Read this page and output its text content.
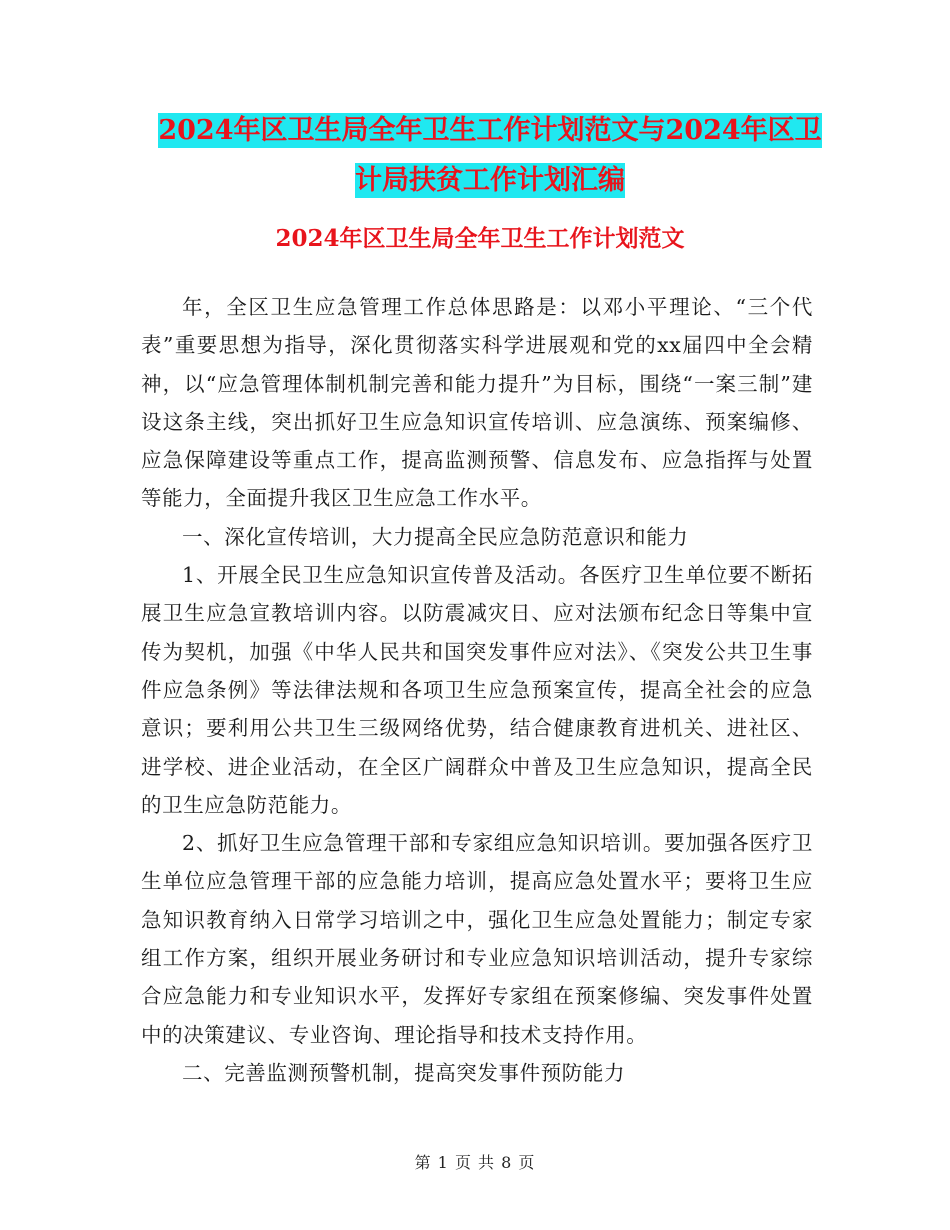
2024年区卫生局全年卫生工作计划范文与2024年区卫
计局扶贫工作计划汇编
2024年区卫生局全年卫生工作计划范文

年，全区卫生应急管理工作总体思路是：以邓小平理论、“三个代表”重要思想为指导，深化贯彻落实科学进展观和党的xx届四中全会精神，以“应急管理体制机制完善和能力提升”为目标，围绕“一案三制”建设这条主线，突出抓好卫生应急知识宣传培训、应急演练、预案编修、应急保障建设等重点工作，提高监测预警、信息发布、应急指挥与处置等能力，全面提升我区卫生应急工作水平。

一、深化宣传培训，大力提高全民应急防范意识和能力

1、开展全民卫生应急知识宣传普及活动。各医疗卫生单位要不断拓展卫生应急宣教培训内容。以防震减灾日、应对法颁布纪念日等集中宣传为契机，加强《中华人民共和国突发事件应对法》、《突发公共卫生事件应急条例》等法律法规和各项卫生应急预案宣传，提高全社会的应急意识；要利用公共卫生三级网络优势，结合健康教育进机关、进社区、进学校、进企业活动，在全区广阔群众中普及卫生应急知识，提高全民的卫生应急防范能力。

2、抓好卫生应急管理干部和专家组应急知识培训。要加强各医疗卫生单位应急管理干部的应急能力培训，提高应急处置水平；要将卫生应急知识教育纳入日常学习培训之中，强化卫生应急处置能力；制定专家组工作方案，组织开展业务研讨和专业应急知识培训活动，提升专家综合应急能力和专业知识水平，发挥好专家组在预案修编、突发事件处置中的决策建议、专业咨询、理论指导和技术支持作用。

二、完善监测预警机制，提高突发事件预防能力

第 1 页 共 8 页
